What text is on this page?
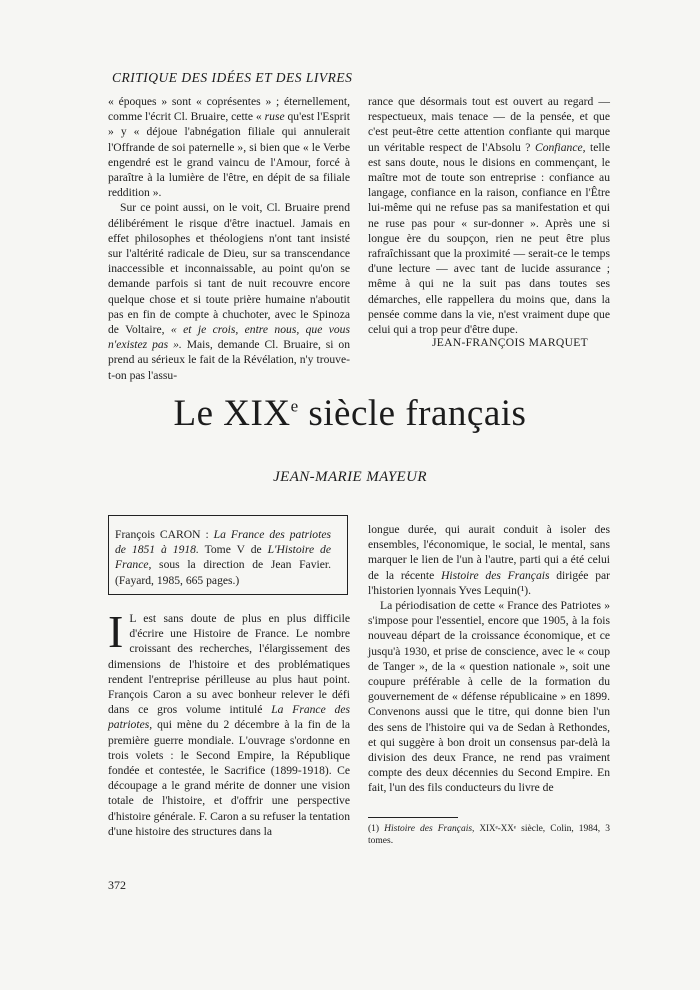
CRITIQUE DES IDÉES ET DES LIVRES

« époques » sont « coprésentes » ; éternellement, comme l'écrit Cl. Bruaire, cette « ruse qu'est l'Esprit » y « déjoue l'abnégation filiale qui annulerait l'Offrande de soi paternelle », si bien que « le Verbe engendré est le grand vaincu de l'Amour, forcé à paraître à la lumière de l'être, en dépit de sa filiale reddition ».

Sur ce point aussi, on le voit, Cl. Bruaire prend délibérément le risque d'être inactuel. Jamais en effet philosophes et théologiens n'ont tant insisté sur l'altérité radicale de Dieu, sur sa transcendance inaccessible et inconnaissable, au point qu'on se demande parfois si tant de nuit recouvre encore quelque chose et si toute prière humaine n'aboutit pas en fin de compte à chuchoter, avec le Spinoza de Voltaire, « et je crois, entre nous, que vous n'existez pas ». Mais, demande Cl. Bruaire, si on prend au sérieux le fait de la Révélation, n'y trouve-t-on pas l'assu-

rance que désormais tout est ouvert au regard — respectueux, mais tenace — de la pensée, et que c'est peut-être cette attention confiante qui marque un véritable respect de l'Absolu ? Confiance, telle est sans doute, nous le disions en commençant, le maître mot de toute son entreprise : confiance au langage, confiance en la raison, confiance en l'Être lui-même qui ne refuse pas sa manifestation et qui ne ruse pas pour « sur-donner ». Après une si longue ère du soupçon, rien ne peut être plus rafraîchissant que la proximité — serait-ce le temps d'une lecture — avec tant de lucide assurance ; même à qui ne la suit pas dans toutes ses démarches, elle rappellera du moins que, dans la pensée comme dans la vie, n'est vraiment dupe que celui qui a trop peur d'être dupe.

JEAN-FRANÇOIS MARQUET
Le XIXe siècle français
JEAN-MARIE MAYEUR
François CARON : La France des patriotes de 1851 à 1918. Tome V de L'Histoire de France, sous la direction de Jean Favier. (Fayard, 1985, 665 pages.)

I L est sans doute de plus en plus difficile d'écrire une Histoire de France. Le nombre croissant des recherches, l'élargissement des dimensions de l'histoire et des problématiques rendent l'entreprise périlleuse au plus haut point. François Caron a su avec bonheur relever le défi dans ce gros volume intitulé La France des patriotes, qui mène du 2 décembre à la fin de la première guerre mondiale. L'ouvrage s'ordonne en trois volets : le Second Empire, la République fondée et contestée, le Sacrifice (1899-1918). Ce découpage a le grand mérite de donner une vision totale de l'histoire, et d'offrir une perspective d'histoire générale. F. Caron a su refuser la tentation d'une histoire des structures dans la

longue durée, qui aurait conduit à isoler des ensembles, l'économique, le social, le mental, sans marquer le lien de l'un à l'autre, parti qui a été celui de la récente Histoire des Français dirigée par l'historien lyonnais Yves Lequin(¹).

La périodisation de cette « France des Patriotes » s'impose pour l'essentiel, encore que 1905, à la fois nouveau départ de la croissance économique, et ce jusqu'à 1930, et prise de conscience, avec le « coup de Tanger », de la « question nationale », soit une coupure préférable à celle de la formation du gouvernement de « défense républicaine » en 1899. Convenons aussi que le titre, qui donne bien l'un des sens de l'histoire qui va de Sedan à Rethondes, et qui suggère à bon droit un consensus par-delà la division des deux France, ne rend pas vraiment compte des deux décennies du Second Empire. En fait, l'un des fils conducteurs du livre de

(1) Histoire des Français, XIXᵉ-XXᵉ siècle, Colin, 1984, 3 tomes.
372
